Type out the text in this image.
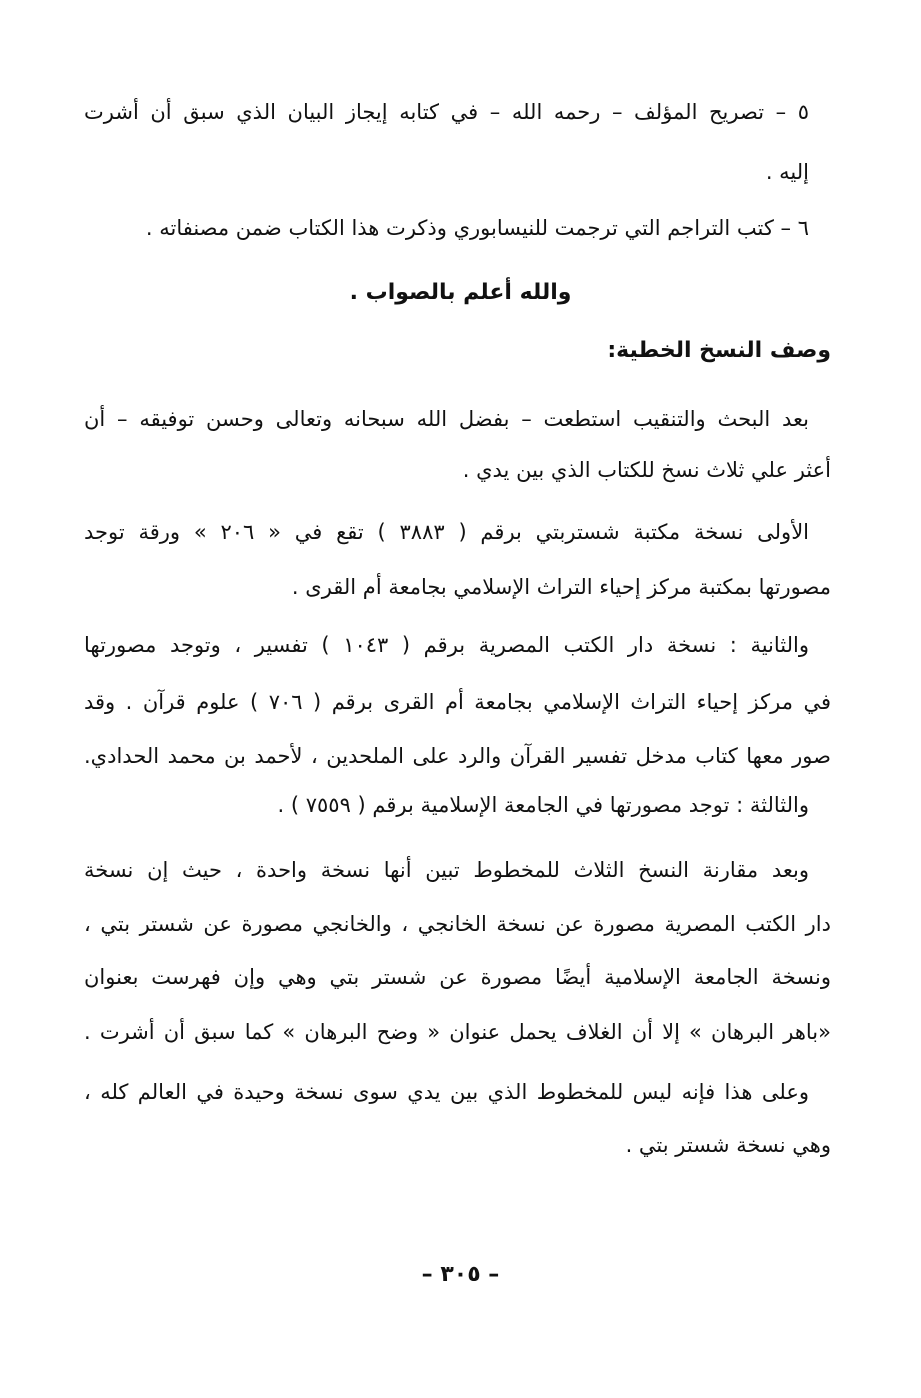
٥ – تصريح المؤلف – رحمه الله – في كتابه إيجاز البيان الذي سبق أن أشرت
إليه .
٦ – كتب التراجم التي ترجمت للنيسابوري وذكرت هذا الكتاب ضمن مصنفاته .
والله أعلم بالصواب .
وصف النسخ الخطية:
بعد البحث والتنقيب استطعت – بفضل الله سبحانه وتعالى وحسن توفيقه – أن
أعثر علي ثلاث نسخ للكتاب الذي بين يدي .
الأولى نسخة مكتبة شستربتي برقم ( ٣٨٨٣ ) تقع في « ٢٠٦ » ورقة توجد
مصورتها بمكتبة مركز إحياء التراث الإسلامي بجامعة أم القرى .
والثانية : نسخة دار الكتب المصرية برقم ( ١٠٤٣ ) تفسير ، وتوجد مصورتها
في مركز إحياء التراث الإسلامي بجامعة أم القرى برقم ( ٧٠٦ ) علوم قرآن . وقد
صور معها كتاب مدخل تفسير القرآن والرد على الملحدين ، لأحمد بن محمد الحدادي.
والثالثة : توجد مصورتها في الجامعة الإسلامية برقم ( ٧٥٥٩ ) .
وبعد مقارنة النسخ الثلاث للمخطوط تبين أنها نسخة واحدة ، حيث إن نسخة
دار الكتب المصرية مصورة عن نسخة الخانجي ، والخانجي مصورة عن شستر بتي ،
ونسخة الجامعة الإسلامية أيضًا مصورة عن شستر بتي وهي وإن فهرست بعنوان
«باهر البرهان » إلا أن الغلاف يحمل عنوان « وضح البرهان » كما سبق أن أشرت .
وعلى هذا فإنه ليس للمخطوط الذي بين يدي سوى نسخة وحيدة في العالم كله ،
وهي نسخة شستر بتي .
– ٣٠٥ –
